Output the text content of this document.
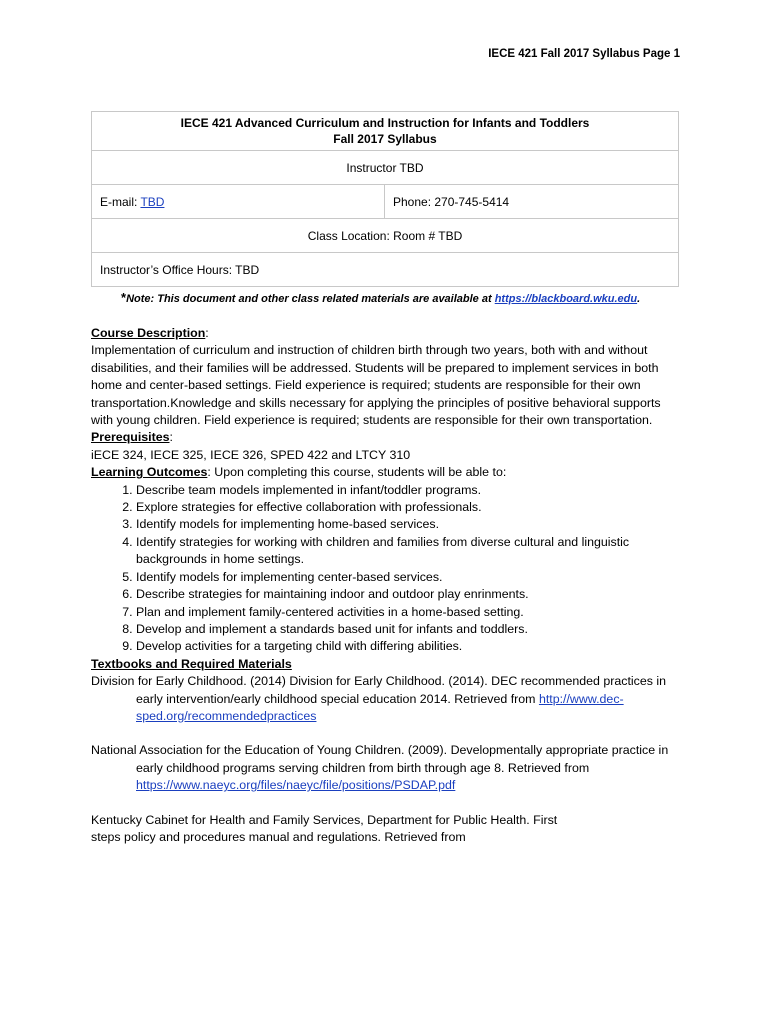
IECE 421 Fall 2017 Syllabus Page 1
IECE 421 Advanced Curriculum and Instruction for Infants and Toddlers
Fall 2017 Syllabus

Instructor TBD
E-mail: TBD	Phone: 270-745-5414
Class Location: Room # TBD
Instructor’s Office Hours: TBD
*Note: This document and other class related materials are available at https://blackboard.wku.edu.

Course Description:

Implementation of curriculum and instruction of children birth through two years, both with and without disabilities, and their families will be addressed. Students will be prepared to implement services in both home and center-based settings. Field experience is required; students are responsible for their own transportation.Knowledge and skills necessary for applying the principles of positive behavioral supports with young children. Field experience is required; students are responsible for their own transportation.

Prerequisites:

iECE 324, IECE 325, IECE 326, SPED 422 and LTCY 310

Learning Outcomes: Upon completing this course, students will be able to:

1. Describe team models implemented in infant/toddler programs.
2. Explore strategies for effective collaboration with professionals.
3. Identify models for implementing home-based services.
4. Identify strategies for working with children and families from diverse cultural and linguistic backgrounds in home settings.
5. Identify models for implementing center-based services.
6. Describe strategies for maintaining indoor and outdoor play enrinments.
7. Plan and implement family-centered activities in a home-based setting.
8. Develop and implement a standards based unit for infants and toddlers.
9. Develop activities for a targeting child with differing abilities.

Textbooks and Required Materials

Division for Early Childhood. (2014) Division for Early Childhood. (2014). DEC recommended practices in early intervention/early childhood special education 2014. Retrieved from http://www.dec-sped.org/recommendedpractices

National Association for the Education of Young Children. (2009). Developmentally appropriate practice in early childhood programs serving children from birth through age 8. Retrieved from https://www.naeyc.org/files/naeyc/file/positions/PSDAP.pdf

Kentucky Cabinet for Health and Family Services, Department for Public Health. First

steps policy and procedures manual and regulations. Retrieved from
